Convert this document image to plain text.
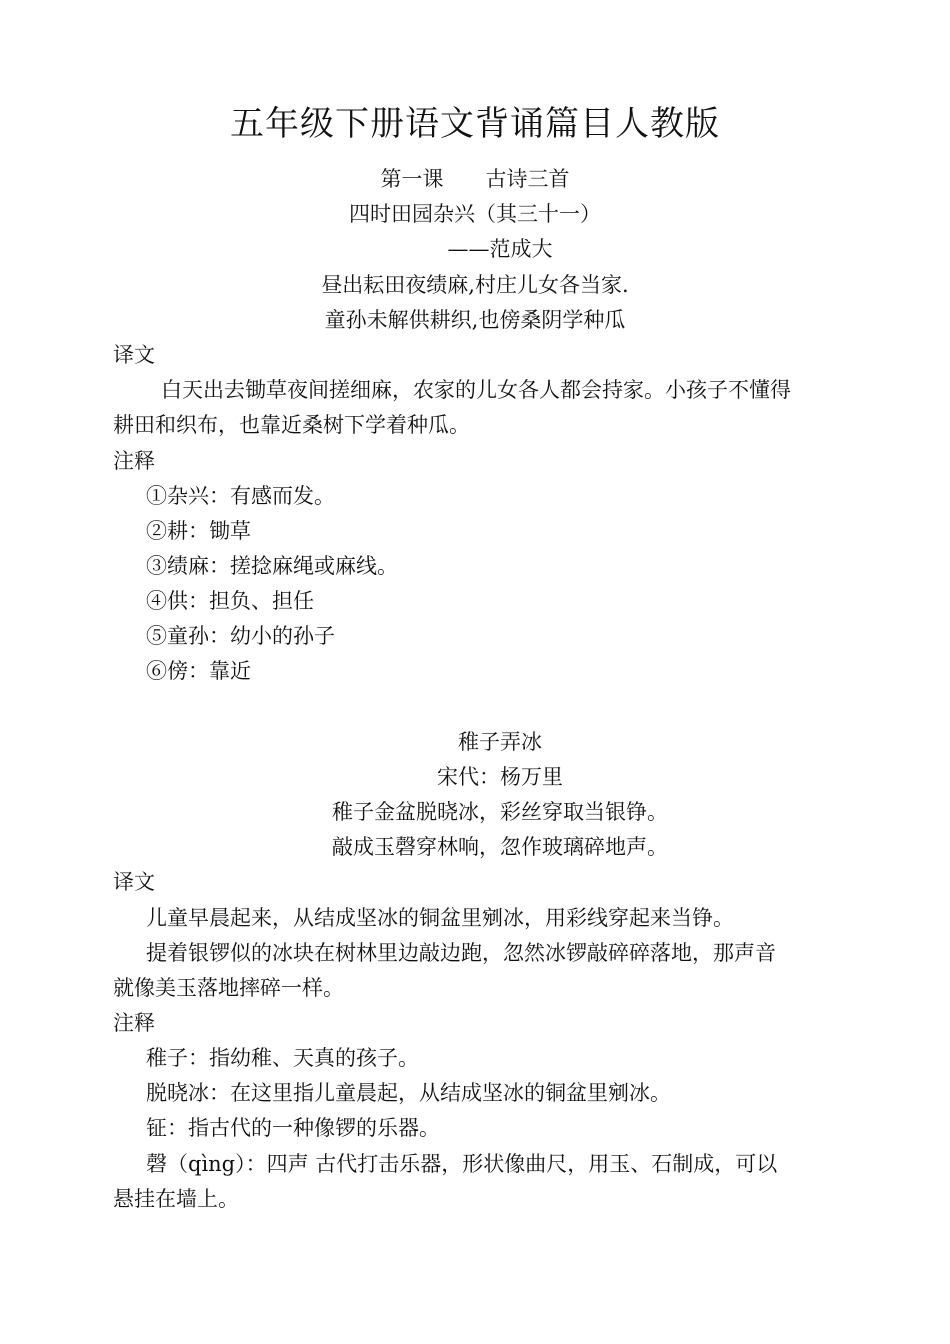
五年级下册语文背诵篇目人教版
第一课　　古诗三首
四时田园杂兴（其三十一）
——范成大
昼出耘田夜绩麻,村庄儿女各当家.
童孙未解供耕织,也傍桑阴学种瓜
译文
白天出去锄草夜间搓细麻，农家的儿女各人都会持家。小孩子不懂得
耕田和织布，也靠近桑树下学着种瓜。
注释
①杂兴：有感而发。
②耕：锄草
③绩麻：搓捻麻绳或麻线。
④供：担负、担任
⑤童孙：幼小的孙子
⑥傍：靠近
稚子弄冰
宋代：杨万里
稚子金盆脱晓冰，彩丝穿取当银铮。
敲成玉磬穿林响，忽作玻璃碎地声。
译文
儿童早晨起来，从结成坚冰的铜盆里剜冰，用彩线穿起来当铮。
提着银锣似的冰块在树林里边敲边跑，忽然冰锣敲碎碎落地，那声音
就像美玉落地摔碎一样。
注释
稚子：指幼稚、天真的孩子。
脱晓冰：在这里指儿童晨起，从结成坚冰的铜盆里剜冰。
钲：指古代的一种像锣的乐器。
磬（qìng）：四声 古代打击乐器，形状像曲尺，用玉、石制成，可以
悬挂在墙上。
